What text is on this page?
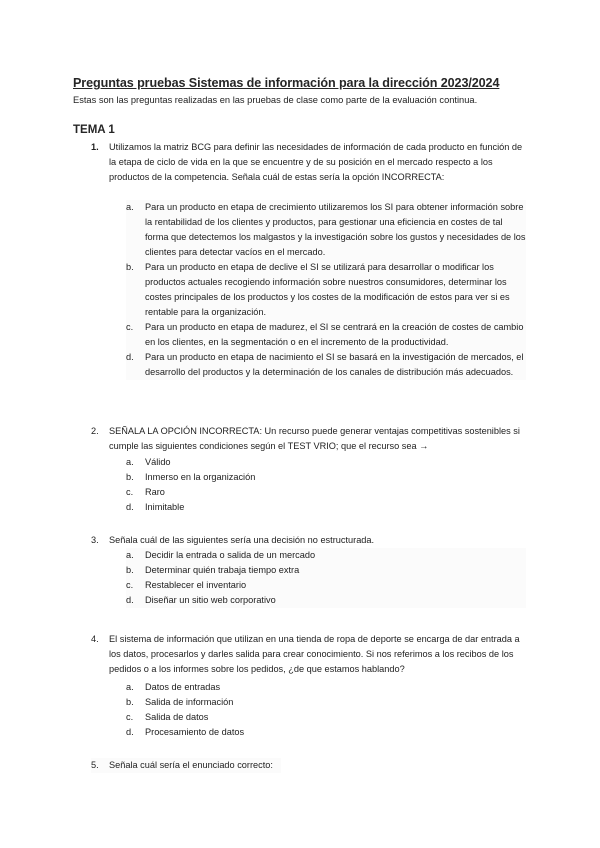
Preguntas pruebas Sistemas de información para la dirección 2023/2024
Estas son las preguntas realizadas en las pruebas de clase como parte de la evaluación continua.
TEMA 1
1.	Utilizamos la matriz BCG para definir las necesidades de información de cada producto en función de la etapa de ciclo de vida en la que se encuentre y de su posición en el mercado respecto a los productos de la competencia. Señala cuál de estas sería la opción INCORRECTA:
a. Para un producto en etapa de crecimiento utilizaremos los SI para obtener información sobre la rentabilidad de los clientes y productos, para gestionar una eficiencia en costes de tal forma que detectemos los malgastos y la investigación sobre los gustos y necesidades de los clientes para detectar vacíos en el mercado.
b. Para un producto en etapa de declive el SI se utilizará para desarrollar o modificar los productos actuales recogiendo información sobre nuestros consumidores, determinar los costes principales de los productos y los costes de la modificación de estos para ver si es rentable para la organización.
c. Para un producto en etapa de madurez, el SI se centrará en la creación de costes de cambio en los clientes, en la segmentación o en el incremento de la productividad.
d. Para un producto en etapa de nacimiento el SI se basará en la investigación de mercados, el desarrollo del productos y la determinación de los canales de distribución más adecuados.
2.	SEÑALA LA OPCIÓN INCORRECTA: Un recurso puede generar ventajas competitivas sostenibles si cumple las siguientes condiciones según el TEST VRIO; que el recurso sea →
a. Válido
b. Inmerso en la organización
c. Raro
d. Inimitable
3.	Señala cuál de las siguientes sería una decisión no estructurada.
a. Decidir la entrada o salida de un mercado
b. Determinar quién trabaja tiempo extra
c. Restablecer el inventario
d. Diseñar un sitio web corporativo
4.	El sistema de información que utilizan en una tienda de ropa de deporte se encarga de dar entrada a los datos, procesarlos y darles salida para crear conocimiento. Si nos referimos a los recibos de los pedidos o a los informes sobre los pedidos, ¿de que estamos hablando?
a. Datos de entradas
b. Salida de información
c. Salida de datos
d. Procesamiento de datos
5.	Señala cuál sería el enunciado correcto:
